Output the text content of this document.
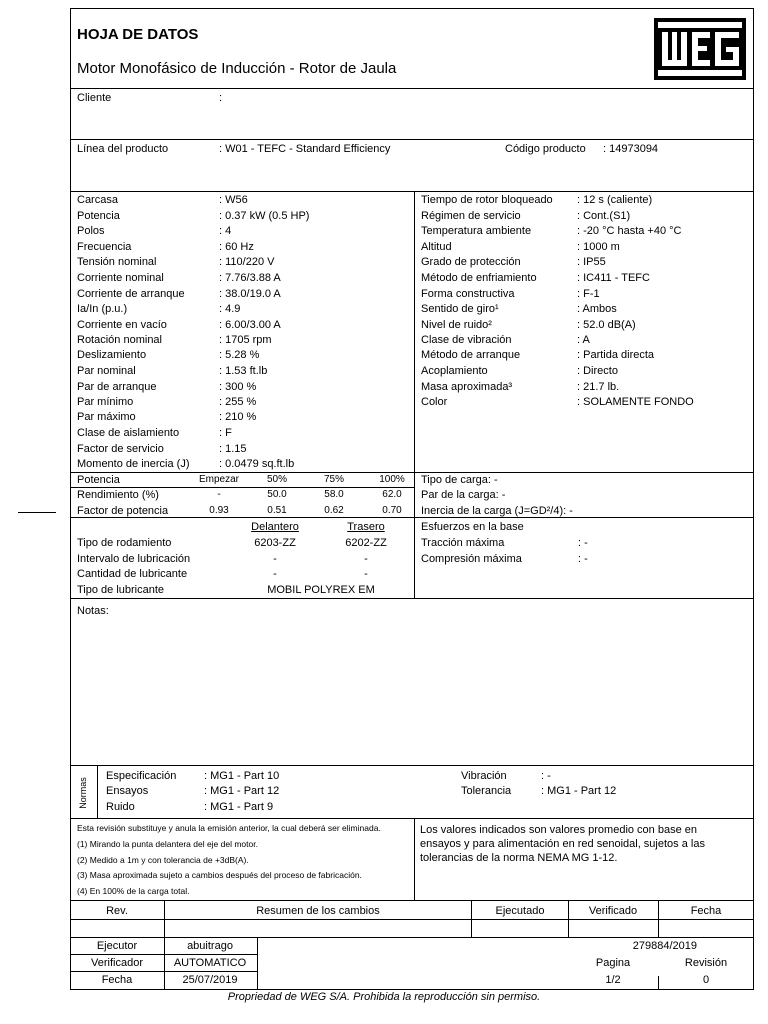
HOJA DE DATOS
Motor Monofásico de Inducción - Rotor de Jaula
Cliente	:
Línea del producto	: W01 - TEFC - Standard Efficiency	Código producto : 14973094
Carcasa	: W56
Potencia	: 0.37 kW (0.5 HP)
Polos	: 4
Frecuencia	: 60 Hz
Tensión nominal	: 110/220 V
Corriente nominal	: 7.76/3.88 A
Corriente de arranque	: 38.0/19.0 A
Ia/In (p.u.)	: 4.9
Corriente en vacío	: 6.00/3.00 A
Rotación nominal	: 1705 rpm
Deslizamiento	: 5.28 %
Par nominal	: 1.53 ft.lb
Par de arranque	: 300 %
Par mínimo	: 255 %
Par máximo	: 210 %
Clase de aislamiento	: F
Factor de servicio	: 1.15
Momento de inercia (J)	: 0.0479 sq.ft.lb
Tiempo de rotor bloqueado : 12 s (caliente)
Régimen de servicio	: Cont.(S1)
Temperatura ambiente	: -20 °C hasta +40 °C
Altitud	: 1000 m
Grado de protección	: IP55
Método de enfriamiento	: IC411 - TEFC
Forma constructiva	: F-1
Sentido de giro¹	: Ambos
Nivel de ruido²	: 52.0 dB(A)
Clase de vibración	: A
Método de arranque	: Partida directa
Acoplamiento	: Directo
Masa aproximada³	: 21.7 lb.
Color	: SOLAMENTE FONDO
Potencia	Empezar	50%	75%	100%
Rendimiento (%)	-	50.0	58.0	62.0
Factor de potencia	0.93	0.51	0.62	0.70
Tipo de carga: -
Par de la carga: -
Inercia de la carga (J=GD²/4): -
Delantero	Trasero
Tipo de rodamiento	6203-ZZ	6202-ZZ
Intervalo de lubricación	-	-
Cantidad de lubricante	-	-
Tipo de lubricante	MOBIL POLYREX EM
Esfuerzos en la base
Tracción máxima	: -
Compresión máxima	: -
Notas:
Normas
Especificación	: MG1 - Part 10
Ensayos	: MG1 - Part 12
Ruido	: MG1 - Part 9
Vibración	: -
Tolerancia	: MG1 - Part 12
Esta revisión substituye y anula la emisión anterior, la cual deberá ser eliminada.
(1) Mirando la punta delantera del eje del motor.
(2) Medido a 1m y con tolerancia de +3dB(A).
(3) Masa aproximada sujeto a cambios después del proceso de fabricación.
(4) En 100% de la carga total.
Los valores indicados son valores promedio con base en ensayos y para alimentación en red senoidal, sujetos a las tolerancias de la norma NEMA MG 1-12.
Rev.	Resumen de los cambios	Ejecutado	Verificado	Fecha
Ejecutor	abuitrago
Verificador	AUTOMATICO
Fecha	25/07/2019
279884/2019
Pagina	Revisión
1/2	0
Propriedad de WEG S/A. Prohibida la reproducción sin permiso.
